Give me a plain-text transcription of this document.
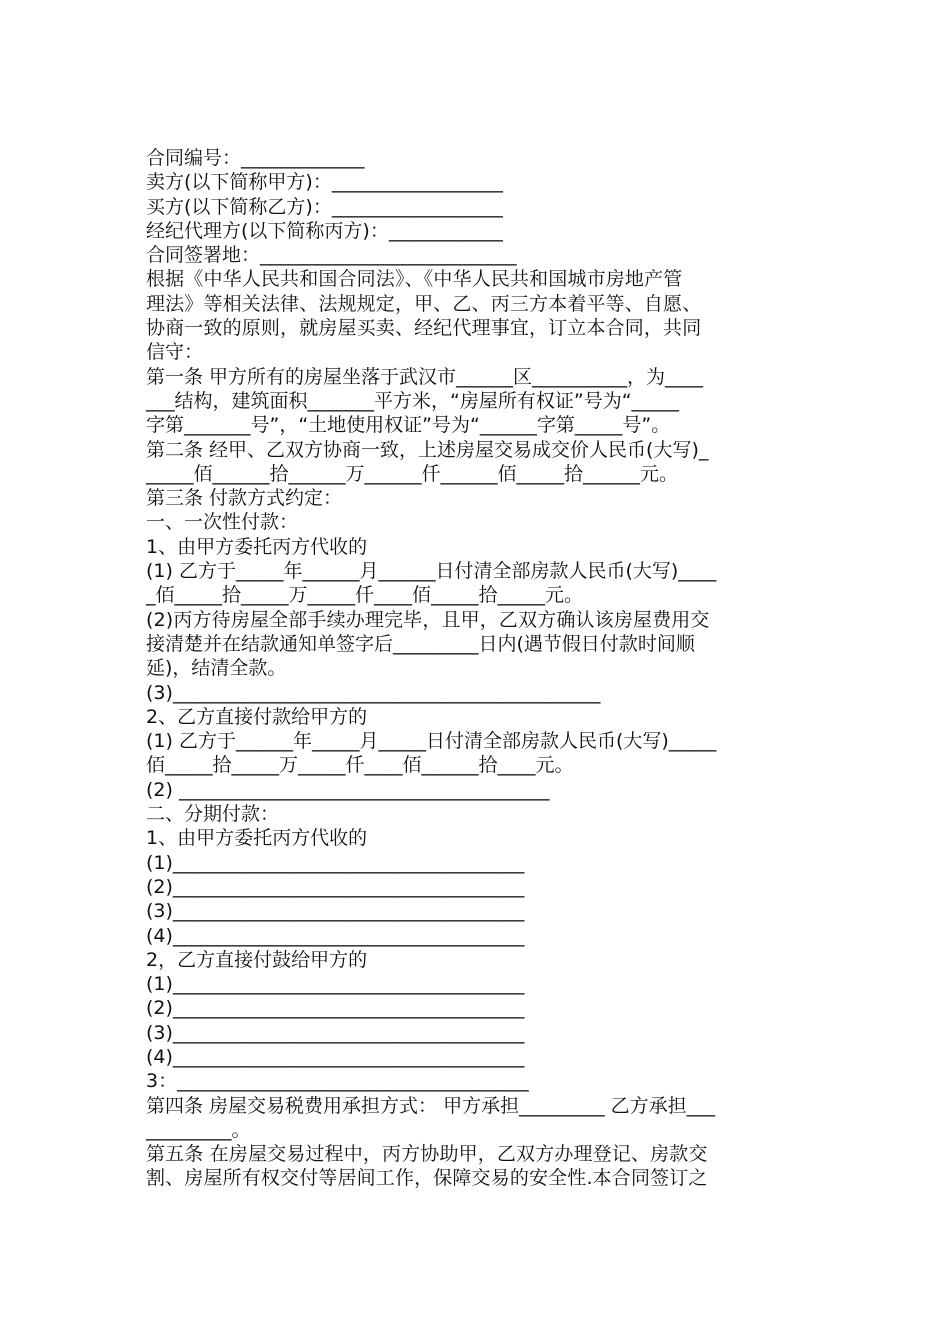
合同编号：_____________

卖方(以下简称甲方)：__________________

买方(以下简称乙方)：__________________

经纪代理方(以下简称丙方)：____________

合同签署地：___________________________

根据《中华人民共和国合同法》、《中华人民共和国城市房地产管

理法》等相关法律、法规规定，甲、乙、丙三方本着平等、自愿、

协商一致的原则，就房屋买卖、经纪代理事宜，订立本合同，共同

信守：

第一条 甲方所有的房屋坐落于武汉市______区__________，为____

___结构，建筑面积_______平方米，“房屋所有权证”号为“_____

字第_______号”，“土地使用权证”号为“______字第_____号”。

第二条 经甲、乙双方协商一致，上述房屋交易成交价人民币(大写)_

_____佰______拾______万______仟______佰_____拾______元。

第三条 付款方式约定：

一、一次性付款：

1、由甲方委托丙方代收的

(1) 乙方于_____年______月______日付清全部房款人民币(大写)____

_佰_____拾_____万_____仟____佰_____拾_____元。

(2)丙方待房屋全部手续办理完毕，且甲，乙双方确认该房屋费用交

接清楚并在结款通知单签字后_________日内(遇节假日付款时间顺

延)，结清全款。

(3)_____________________________________________

2、乙方直接付款给甲方的

(1) 乙方于______年_____月_____日付清全部房款人民币(大写)_____

佰_____拾_____万_____仟____佰______拾____元。

(2) _______________________________________

二、分期付款：

1、由甲方委托丙方代收的

(1)_____________________________________

(2)_____________________________________

(3)_____________________________________

(4)_____________________________________

2，乙方直接付鼓给甲方的

(1)_____________________________________

(2)_____________________________________

(3)_____________________________________

(4)_____________________________________

3：_____________________________________

第四条 房屋交易税费用承担方式： 甲方承担_________ 乙方承担___

_________。

第五条 在房屋交易过程中，丙方协助甲，乙双方办理登记、房款交

割、房屋所有权交付等居间工作，保障交易的安全性.本合同签订之
